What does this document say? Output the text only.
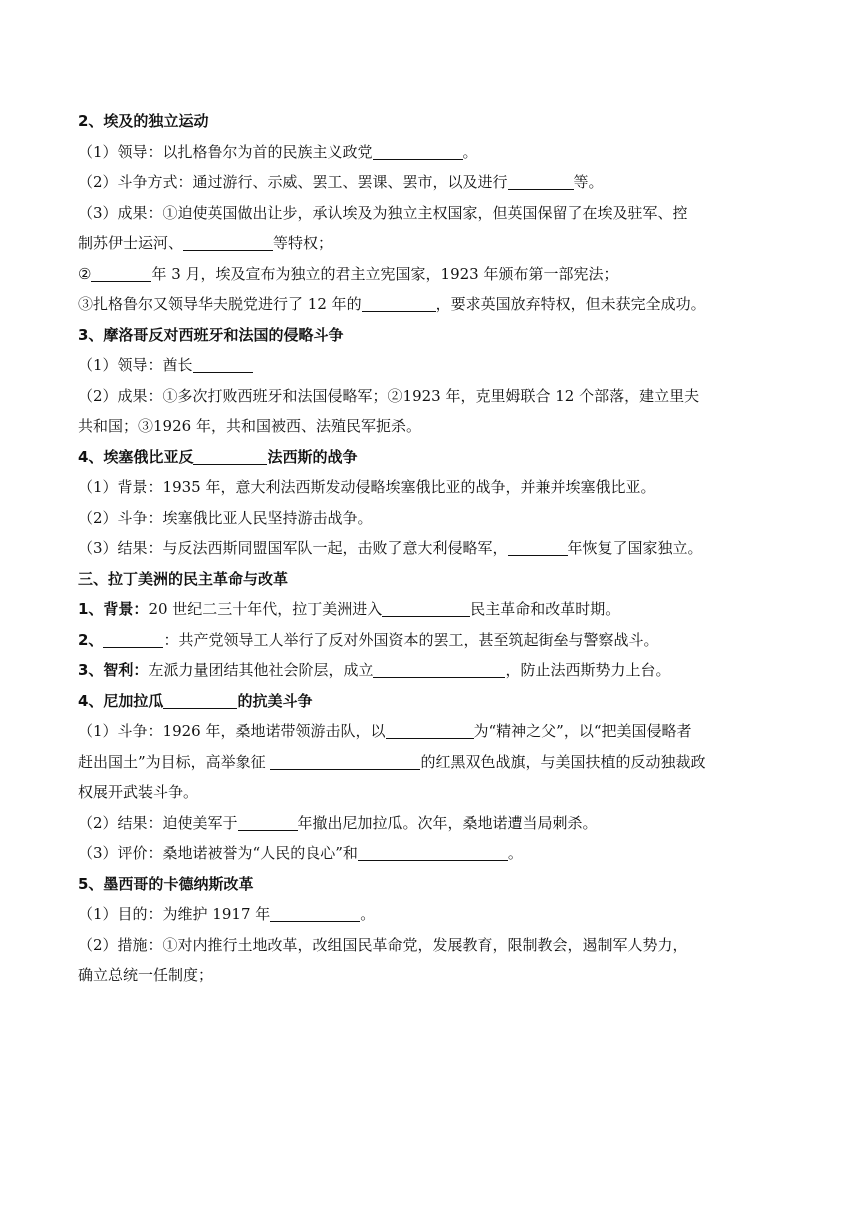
2、埃及的独立运动
（1）领导：以扎格鲁尔为首的民族主义政党	。
（2）斗争方式：通过游行、示威、罢工、罢课、罢市，以及进行	等。
（3）成果：①迫使英国做出让步，承认埃及为独立主权国家，但英国保留了在埃及驻军、控
制苏伊士运河、	等特权；
②	年 3 月，埃及宣布为独立的君主立宪国家，1923 年颁布第一部宪法；
③扎格鲁尔又领导华夫脱党进行了 12 年的	，要求英国放弃特权，但未获完全成功。
3、摩洛哥反对西班牙和法国的侵略斗争
（1）领导：酋长
（2）成果：①多次打败西班牙和法国侵略军；②1923 年，克里姆联合 12 个部落，建立里夫
共和国；③1926 年，共和国被西、法殖民军扼杀。
4、埃塞俄比亚反	法西斯的战争
（1）背景：1935 年，意大利法西斯发动侵略埃塞俄比亚的战争，并兼并埃塞俄比亚。
（2）斗争：埃塞俄比亚人民坚持游击战争。
（3）结果：与反法西斯同盟国军队一起，击败了意大利侵略军，	年恢复了国家独立。
三、拉丁美洲的民主革命与改革
1、背景：20 世纪二三十年代，拉丁美洲进入	民主革命和改革时期。
2、	：共产党领导工人举行了反对外国资本的罢工，甚至筑起街垒与警察战斗。
3、智利：左派力量团结其他社会阶层，成立	，防止法西斯势力上台。
4、尼加拉瓜	的抗美斗争
（1）斗争：1926 年，桑地诺带领游击队，以	为“精神之父”，以“把美国侵略者
赶出国土”为目标，高举象征	的红黑双色战旗，与美国扶植的反动独裁政
权展开武装斗争。
（2）结果：迫使美军于	年撤出尼加拉瓜。次年，桑地诺遭当局刺杀。
（3）评价：桑地诺被誉为“人民的良心”和	。
5、墨西哥的卡德纳斯改革
（1）目的：为维护 1917 年	。
（2）措施：①对内推行土地改革，改组国民革命党，发展教育，限制教会，遏制军人势力，
确立总统一任制度；
